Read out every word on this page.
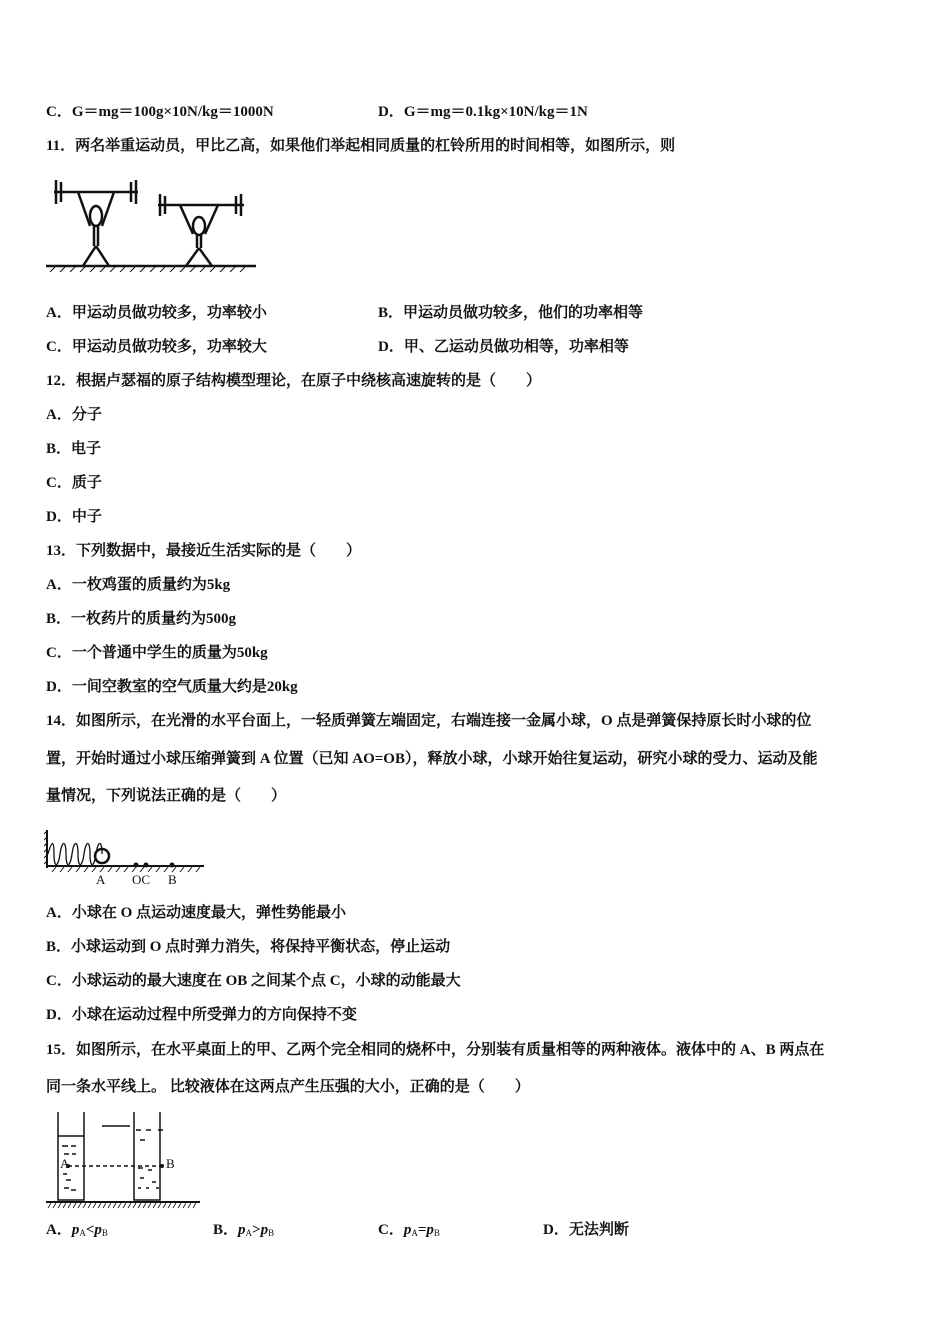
C．G＝mg＝100g×10N/kg＝1000N	D．G＝mg＝0.1kg×10N/kg＝1N
11．两名举重运动员，甲比乙高，如果他们举起相同质量的杠铃所用的时间相等，如图所示，则
A．甲运动员做功较多，功率较小	B．甲运动员做功较多，他们的功率相等
C．甲运动员做功较多，功率较大	D．甲、乙运动员做功相等，功率相等
12．根据卢瑟福的原子结构模型理论，在原子中绕核高速旋转的是（　　）
A．分子
B．电子
C．质子
D．中子
13．下列数据中，最接近生活实际的是（　　）
A．一枚鸡蛋的质量约为5kg
B．一枚药片的质量约为500g
C．一个普通中学生的质量为50kg
D．一间空教室的空气质量大约是20kg
14．如图所示，在光滑的水平台面上，一轻质弹簧左端固定，右端连接一金属小球，O 点是弹簧保持原长时小球的位
置，开始时通过小球压缩弹簧到 A 位置（已知 AO=OB），释放小球，小球开始往复运动，研究小球的受力、运动及能
量情况，下列说法正确的是（　　）
A OC B
A．小球在 O 点运动速度最大，弹性势能最小
B．小球运动到 O 点时弹力消失，将保持平衡状态，停止运动
C．小球运动的最大速度在 OB 之间某个点 C，小球的动能最大
D．小球在运动过程中所受弹力的方向保持不变
15．如图所示，在水平桌面上的甲、乙两个完全相同的烧杯中，分别装有质量相等的两种液体。液体中的 A、B 两点在
同一条水平线上。 比较液体在这两点产生压强的大小，正确的是（　　）
A	B
A．$p_A<p_B$	B．$p_A>p_B$	C．$p_A=p_B$	D．无法判断
